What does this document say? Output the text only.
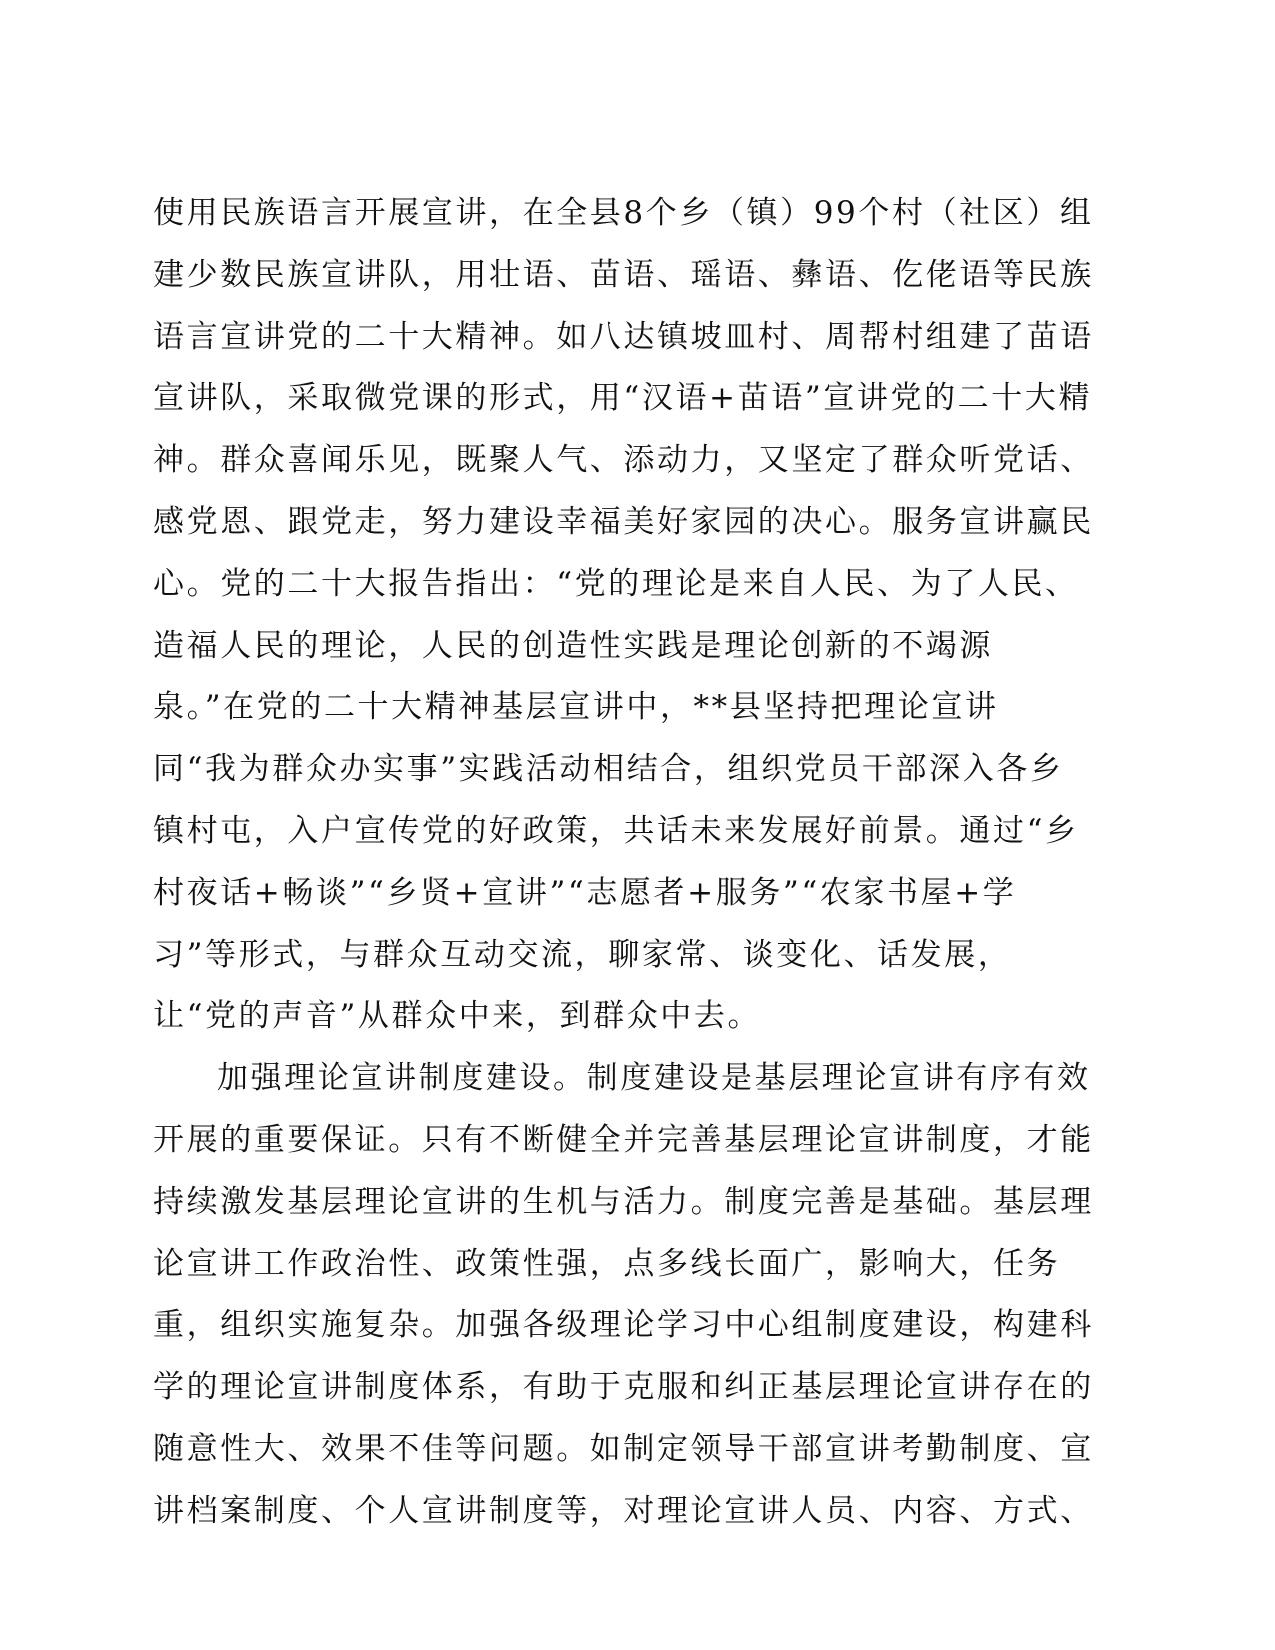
使用民族语言开展宣讲，在全县8个乡（镇）99个村（社区）组
建少数民族宣讲队，用壮语、苗语、瑶语、彝语、仡佬语等民族
语言宣讲党的二十大精神。如八达镇坡皿村、周帮村组建了苗语
宣讲队，采取微党课的形式，用“汉语+苗语”宣讲党的二十大精
神。群众喜闻乐见，既聚人气、添动力，又坚定了群众听党话、
感党恩、跟党走，努力建设幸福美好家园的决心。服务宣讲赢民
心。党的二十大报告指出：“党的理论是来自人民、为了人民、
造福人民的理论，人民的创造性实践是理论创新的不竭源
泉。”在党的二十大精神基层宣讲中，**县坚持把理论宣讲
同“我为群众办实事”实践活动相结合，组织党员干部深入各乡
镇村屯，入户宣传党的好政策，共话未来发展好前景。通过“乡
村夜话+畅谈”“乡贤+宣讲”“志愿者+服务”“农家书屋+学
习”等形式，与群众互动交流，聊家常、谈变化、话发展，
让“党的声音”从群众中来，到群众中去。
加强理论宣讲制度建设。制度建设是基层理论宣讲有序有效
开展的重要保证。只有不断健全并完善基层理论宣讲制度，才能
持续激发基层理论宣讲的生机与活力。制度完善是基础。基层理
论宣讲工作政治性、政策性强，点多线长面广，影响大，任务
重，组织实施复杂。加强各级理论学习中心组制度建设，构建科
学的理论宣讲制度体系，有助于克服和纠正基层理论宣讲存在的
随意性大、效果不佳等问题。如制定领导干部宣讲考勤制度、宣
讲档案制度、个人宣讲制度等，对理论宣讲人员、内容、方式、
